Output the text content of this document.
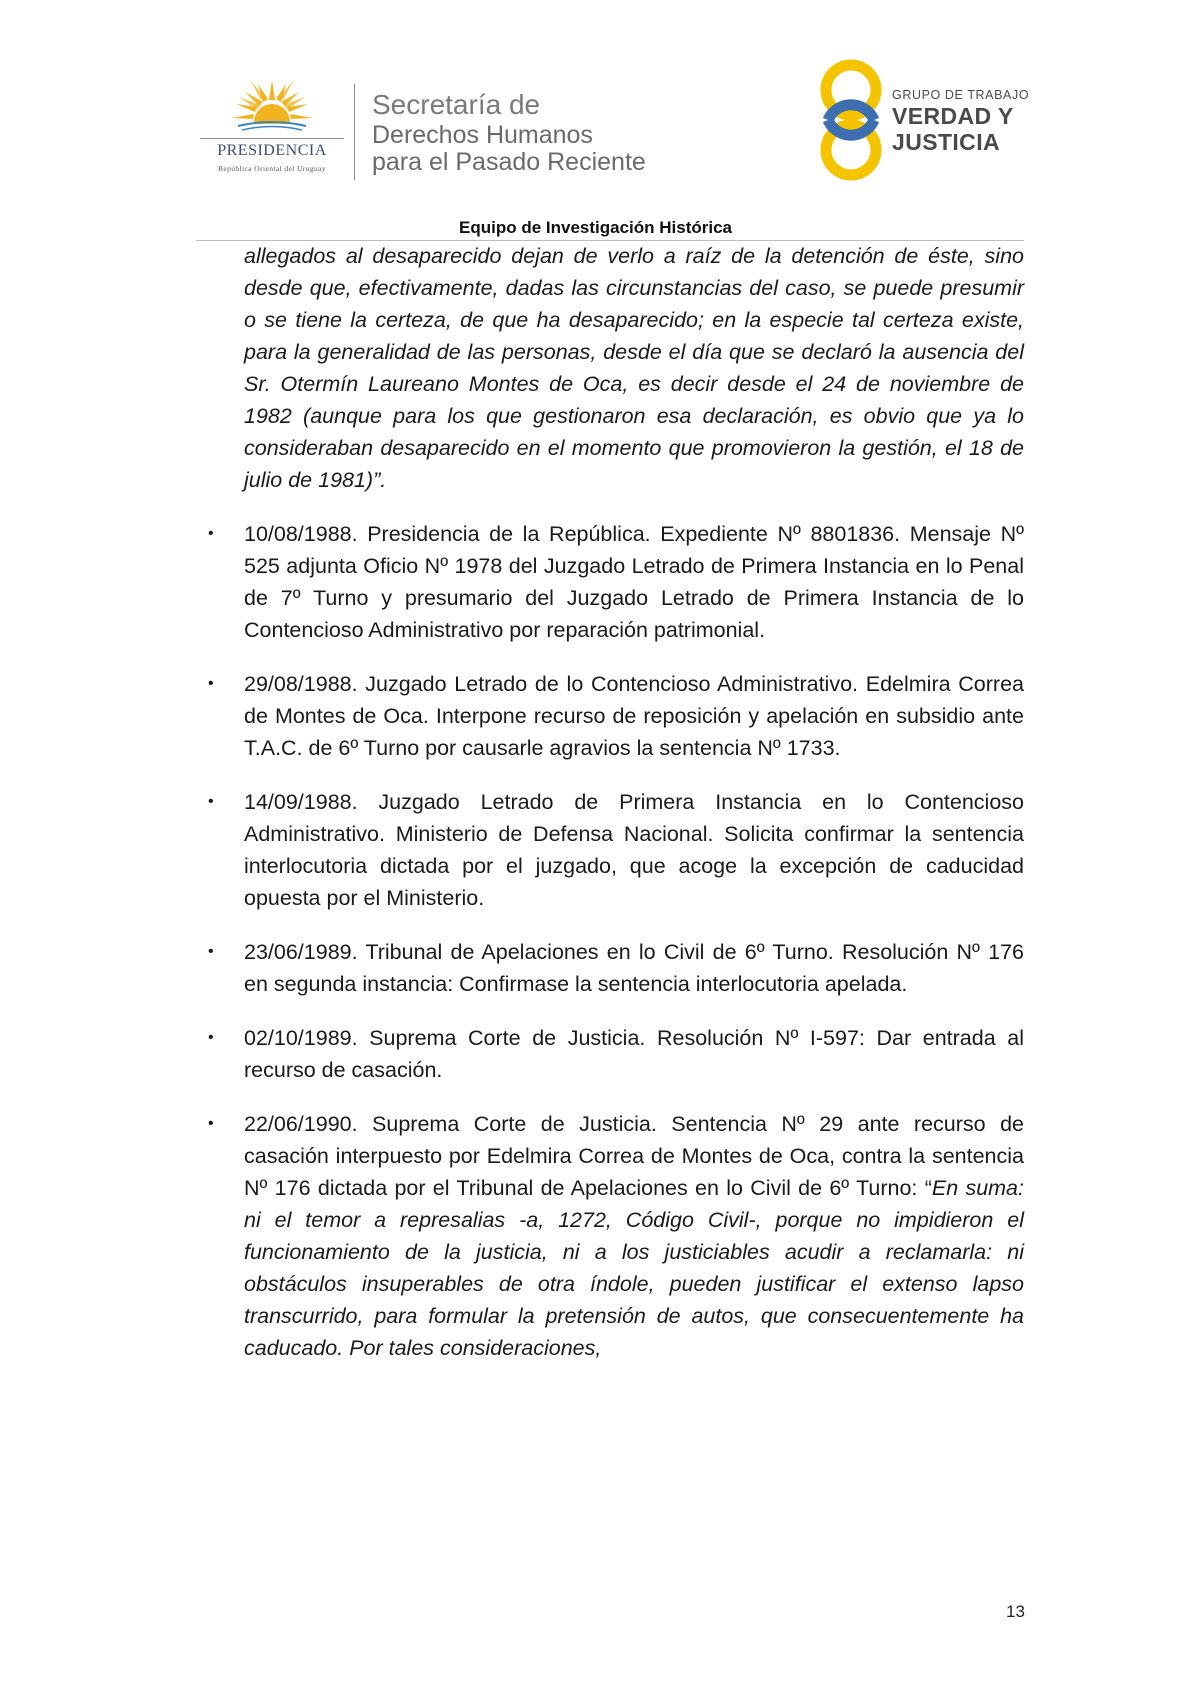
PRESIDENCIA
República Oriental del Uruguay
Secretaría de
Derechos Humanos
para el Pasado Reciente
GRUPO DE TRABAJO
VERDAD Y
JUSTICIA
Equipo de Investigación Histórica

allegados al desaparecido dejan de verlo a raíz de la detención de éste, sino desde que, efectivamente, dadas las circunstancias del caso, se puede presumir o se tiene la certeza, de que ha desaparecido; en la especie tal certeza existe, para la generalidad de las personas, desde el día que se declaró la ausencia del Sr. Otermín Laureano Montes de Oca, es decir desde el 24 de noviembre de 1982 (aunque para los que gestionaron esa declaración, es obvio que ya lo consideraban desaparecido en el momento que promovieron la gestión, el 18 de julio de 1981)”.

• 10/08/1988. Presidencia de la República. Expediente Nº 8801836. Mensaje Nº 525 adjunta Oficio Nº 1978 del Juzgado Letrado de Primera Instancia en lo Penal de 7º Turno y presumario del Juzgado Letrado de Primera Instancia de lo Contencioso Administrativo por reparación patrimonial.

• 29/08/1988. Juzgado Letrado de lo Contencioso Administrativo. Edelmira Correa de Montes de Oca. Interpone recurso de reposición y apelación en subsidio ante T.A.C. de 6º Turno por causarle agravios la sentencia Nº 1733.

• 14/09/1988. Juzgado Letrado de Primera Instancia en lo Contencioso Administrativo. Ministerio de Defensa Nacional. Solicita confirmar la sentencia interlocutoria dictada por el juzgado, que acoge la excepción de caducidad opuesta por el Ministerio.

• 23/06/1989. Tribunal de Apelaciones en lo Civil de 6º Turno. Resolución Nº 176 en segunda instancia: Confirmase la sentencia interlocutoria apelada.

• 02/10/1989. Suprema Corte de Justicia. Resolución Nº I-597: Dar entrada al recurso de casación.

• 22/06/1990. Suprema Corte de Justicia. Sentencia Nº 29 ante recurso de casación interpuesto por Edelmira Correa de Montes de Oca, contra la sentencia Nº 176 dictada por el Tribunal de Apelaciones en lo Civil de 6º Turno: “En suma: ni el temor a represalias -a, 1272, Código Civil-, porque no impidieron el funcionamiento de la justicia, ni a los justiciables acudir a reclamarla: ni obstáculos insuperables de otra índole, pueden justificar el extenso lapso transcurrido, para formular la pretensión de autos, que consecuentemente ha caducado. Por tales consideraciones,

13
